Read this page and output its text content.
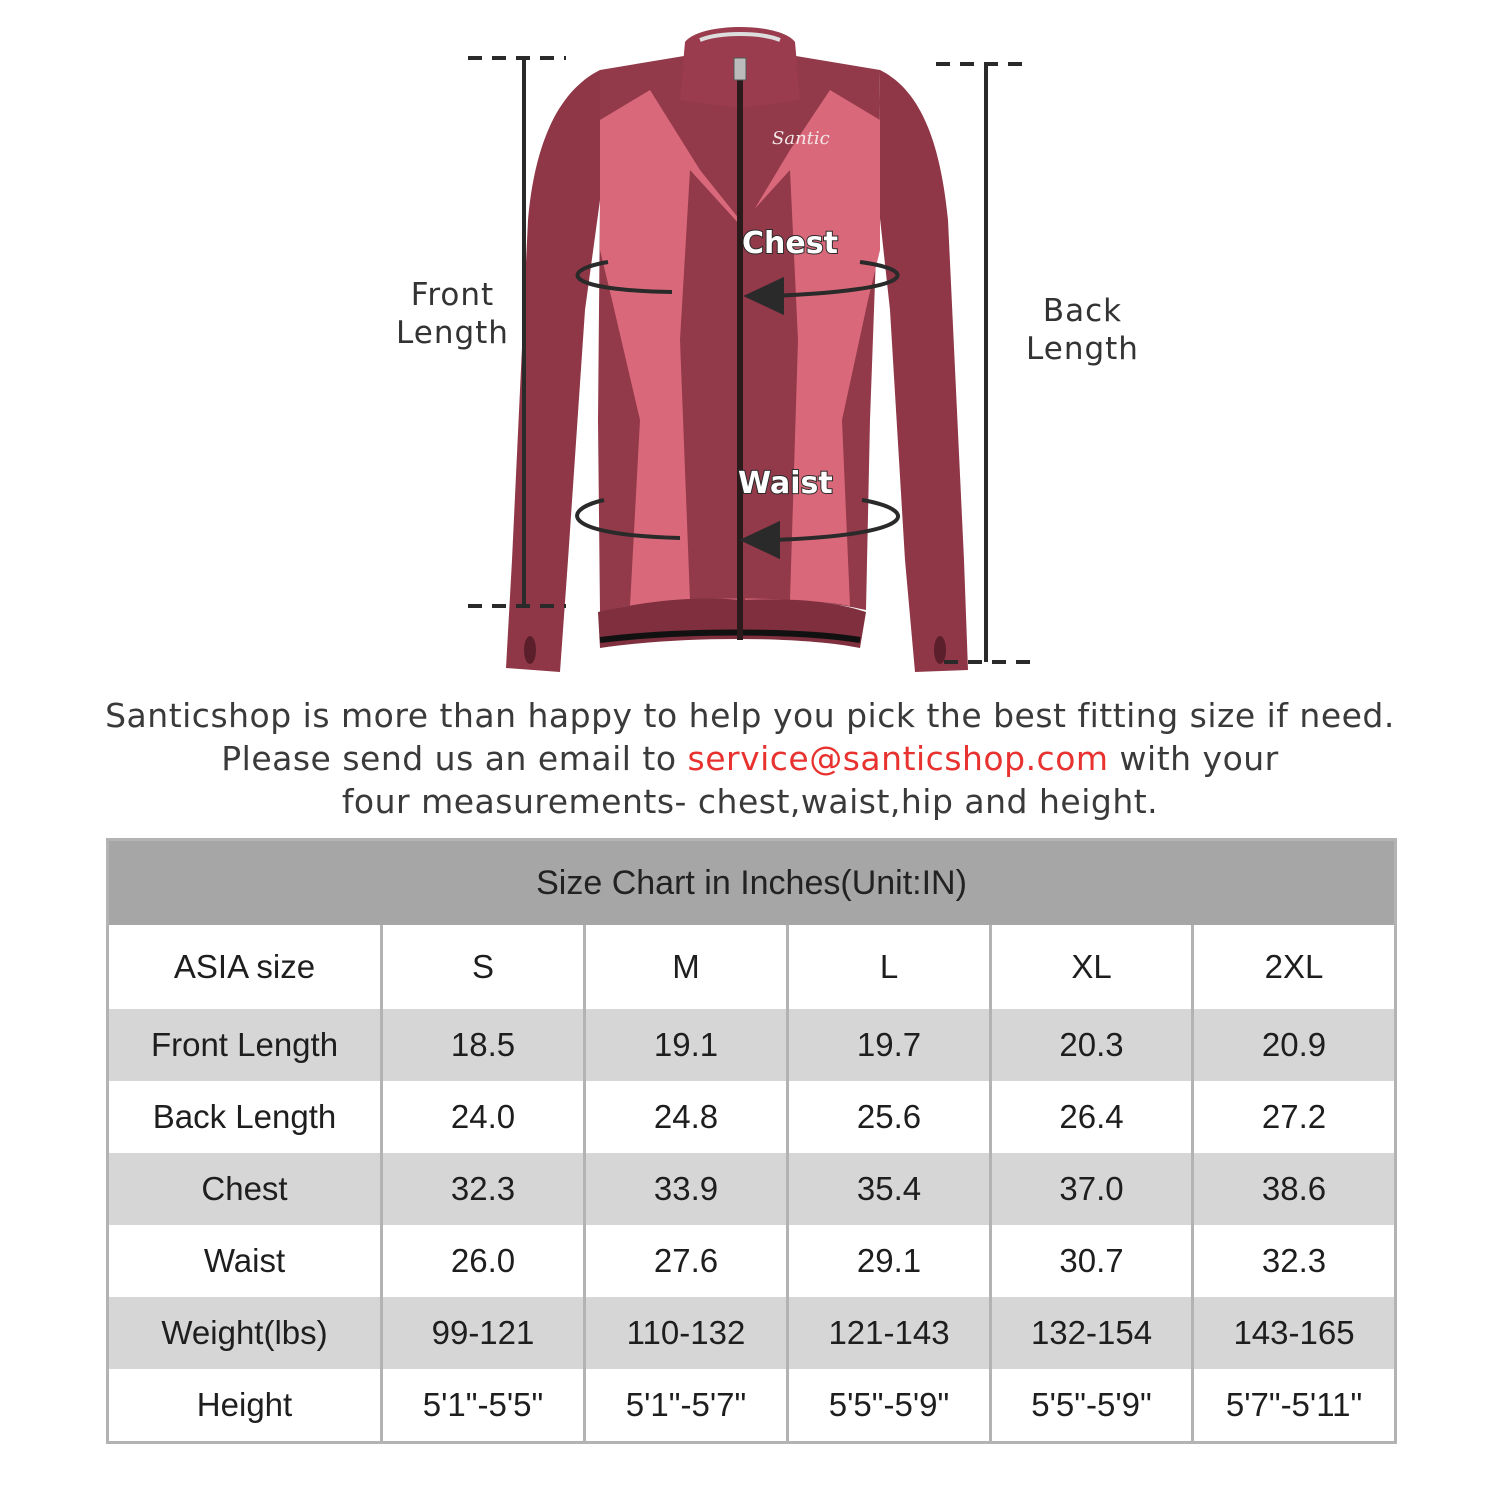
Front
Length
Back
Length
Chest
Waist
Santic
Santicshop is more than happy to help you pick the best fitting size if need.
Please send us an email to service@santicshop.com with your
four measurements- chest,waist,hip and height.
Size Chart in Inches(Unit:IN)					
ASIA size	S	M	L	XL	2XL
Front Length	18.5	19.1	19.7	20.3	20.9
Back Length	24.0	24.8	25.6	26.4	27.2
Chest	32.3	33.9	35.4	37.0	38.6
Waist	26.0	27.6	29.1	30.7	32.3
Weight(lbs)	99-121	110-132	121-143	132-154	143-165
Height	5'1"-5'5"	5'1"-5'7"	5'5"-5'9"	5'5"-5'9"	5'7"-5'11"
